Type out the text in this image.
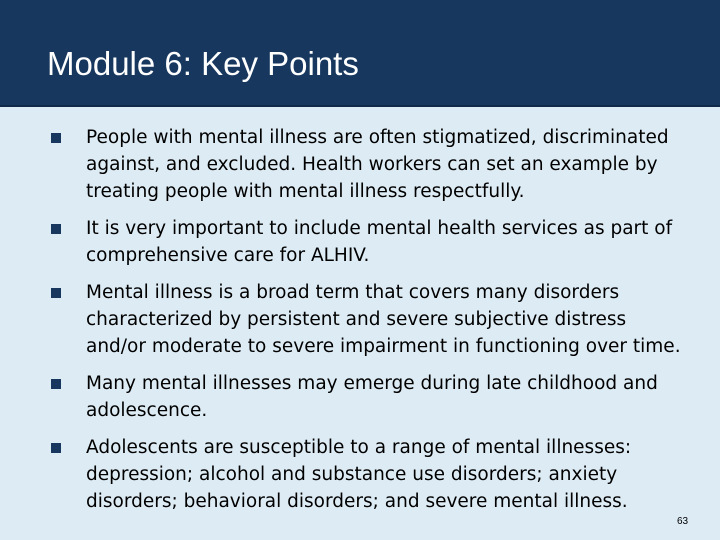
Module 6: Key Points
People with mental illness are often stigmatized, discriminated against, and excluded. Health workers can set an example by treating people with mental illness respectfully.
It is very important to include mental health services as part of comprehensive care for ALHIV.
Mental illness is a broad term that covers many disorders characterized by persistent and severe subjective distress and/or moderate to severe impairment in functioning over time.
Many mental illnesses may emerge during late childhood and adolescence.
Adolescents are susceptible to a range of mental illnesses: depression; alcohol and substance use disorders; anxiety disorders; behavioral disorders; and severe mental illness.
63
